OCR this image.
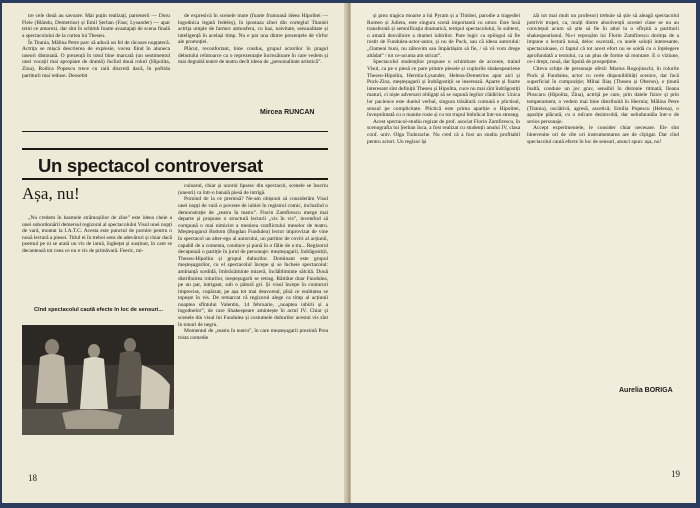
tre cele două au savoare. Mai puțin realizați, partenerii — Doru Fleie (Blându, Demetrius) și Emil Șerban (Faur, Lysander) — apar terni ce amorezi, dar sînt în schimb foarte avantajați de scena finală a spectacolului de la curtea lui Theseu.

În Titania, Mălina Petre parc să aducă un fel de răcoare nopțatecă. Actrița se mișcă descrierea de expresie, vocea fiind în aluneca uneori distonată. O prezență în totul bine marcată (un sentimentul unei vocații mai apropiate de dramă) Jucînd două roluri (Hipolita, Zina), Rodica Popescu trece cu rară discretă dacă, în poftida partiturii mai reduse. Deosebit

de expresivă în scenele mute (foarte frumoasă ideea Hipolitei — logodnica legată fedeleș), în ipostaza zînei din corteglul Titaniei actrița umple de farmec atmosfera, cu haz, naivitate, sensualitate și inteligență în același timp. Nu e par una dintre prezențele de vîrfor ale promoției.

Plăcut, reconfortant, bine condus, grupul actorilor în pragul debutului reîntoarce ca o reprezentație încrezătoare în care vedem și mai degrabă teatre de teatru decît ideea de „personalitate artistică”.

Mircea RUNCAN
Un spectacol controversat
Așa, nu!

„Nu credem în basmele strămoșiilor de zîne” este ideea cheie a unei subordonăril demersul regizoral al spectacolului Visul unei nopți de vară, montat la I.A.T.C. Acesta este punctul de pornire pentru o nouă lectură a piesei. Titlul ei în treboi sens de adevăruri și chiar dacă poemul pe ni se arată un vis de iarnă, înghețat și susținut, în care se decantează tot ceea ce nu e vis de primăvară. Feeric, mi-

Cînd spectacolul caută efecte în loc de sensuri...

culoarul, chiar și unorul lipsesc din spectacol, scenele se înscriu (uneori) ca într-o banală piesă de intrigă.

Pornind de la ce premisă? Ne-am obișnuit să considerăm Visul unei nopți de vară o poveste de iubire în registrul comic, incluzînd o demonstrație de „teatru în teatru”. Florin Zamfirescu merge mai departe și propune o structură lecturii „vis în vis”, inventînd să compună o mai nimicire a menirea conflictului meselor de teatru. Meșteșugarul Bottom (Bogdan Fundulea) lector improvizat de vine în spectacol un alter-ego al autorului, un partitor de coviri al acțiunii, capabil de a comenta, conduce și pună în o fălie de a tra... Regizorul decupează o partiție în jurul de personaje: meșteșugarii, îndrăgostiții, Theseu-Hipolita și grupul duhurilor. Dominant este grupul meșteșugarilor, cu el spectacolul începe și se încheie spectacolul: ambianță sordidă, îmbrăcăminte mizeră, înclăbliminte sălcită. Două distribuirea rolurilor, meșteșugarii se retrag. Rămîne doar Fundulea, pe un pat, intrigant, sub o pătură gri. Și visul începe în contururi imprecise, copărzat, pe așa tot mai deavoreal, pînă ce realitatea se topește în vis. De remarcat că regizorul alege ca timp al acțiunii noaptea sfîntului Valentin, 14 februarie, „noaptea iubirii și a logodnelor”, de care Shakespeare amintește în actul IV. Chiar și scenele din visul lui Fundulea și costumele duhurilor acestui vis sînt în tonuri de negru.

Momentul de „teatru în teatru”, în care meșteșugarii prezintă Prea trista comedie

18

și prea tragica moarte a lui Pyram și a Thisbei, parodie a tragediei Romeo și Julieta, este singura scenă importantă cu umor. Este însă transferată și semnificația dramatică, tertipul spectacolului, în subtext, o amară dezvăluire a dramei iubirilor. Pare logic ca epilogul să fie rostit de Fundulea-actor-autor, și nu de Puck, sau că ideea autorului: „Oameni buni, nu zăbovim sau împărtășim să fie, / să vă vom drege altădat” / tot ce-acuma am stricat”.

Spectacolul studenților propune o schimbare de accente, traind Visul, ca pe o piesă ce pare printre piesele și cuplurile shakespeariene Theseu-Hipolita, Hermia-Lysander, Helena-Demetrius apar aici și Puck-Zina, meșteșugarii și îndrăgostiții se inserează. Aparte și foarte interesant sînt definiții Theseu și Hipolita, cuce nu mai sînt îndrăgostiți maturi, ci niște adversari obligați să se supună legilor clădirilor. Unica lor pacience este duelul verbal, singura trăsătură comună e plictisul, senzul pe complicitate. Plictică este prima apariție a Hipolitei, înveșmîntată cu o mantie rosie și cu tot trupul îmbrăcat într-un streang.

Acest spectacol-studiu regizat de prof. asociat Florin Zamfirescu, în scenografia lui Șerban Iuca, a fost realizat cu studenții anului IV, clasa conf. univ. Olga Tudorache. Nu cred că a fost un studiu profitabil pentru actori. Un regizor își

zăi tot mai mult un profesor) trebuie să știe să aleagă spectacolul potrivit trupei, ca, mulți dintre absolvenții acestei clase se nu au conviețuit acum să știe să fie în altul la o sfîrșită a partiturii shakespearianul. Nu-i reproșăm lui Florin Zamfirescu dorința de a impune o lectură nouă, deloc oscerată, cu unele soluții interesante, spectaculoase, ci faptul că tot acest efort nu se soldă cu o înțelegere aprofundată a textului, ca un plus de forme să montare. E o viziune, ce-i drept, nouă, dar lipsită de prospețime.

Cîteva schițe de personaje oferă: Marius Rogojinschi, în rolurile Puck și Fundulea, actor cu certe disponibilități scenice, dar încă superficial în compoziție; Mihai Iliaș (Theseu și Oberon), o ținută înaltă, conduie un joc grav, sensibil în distonie ritmată; Ileana Ploscaru (Hipolita, Zina), actriță pe care, prin datele fizice și prin temperament, o vedem mai bine distribuită în Hermia; Mălina Petre (Titania), osciătivă, agresă, ascetică; Emilia Popescu (Helena), o apariție plăcută, cu o mîcare dezinvoltă, dar neînduratăla într-o de serios personaje.

Accept experimentele, le consider chiar necesare. Ele sînt binevenite ori de cîte ori instrumentarea are de cîștigat. Dar cînd spectacolul caută efecte în loc de sensuri, atunci spun: așa, nu!

Aurelia BORIGA
19
